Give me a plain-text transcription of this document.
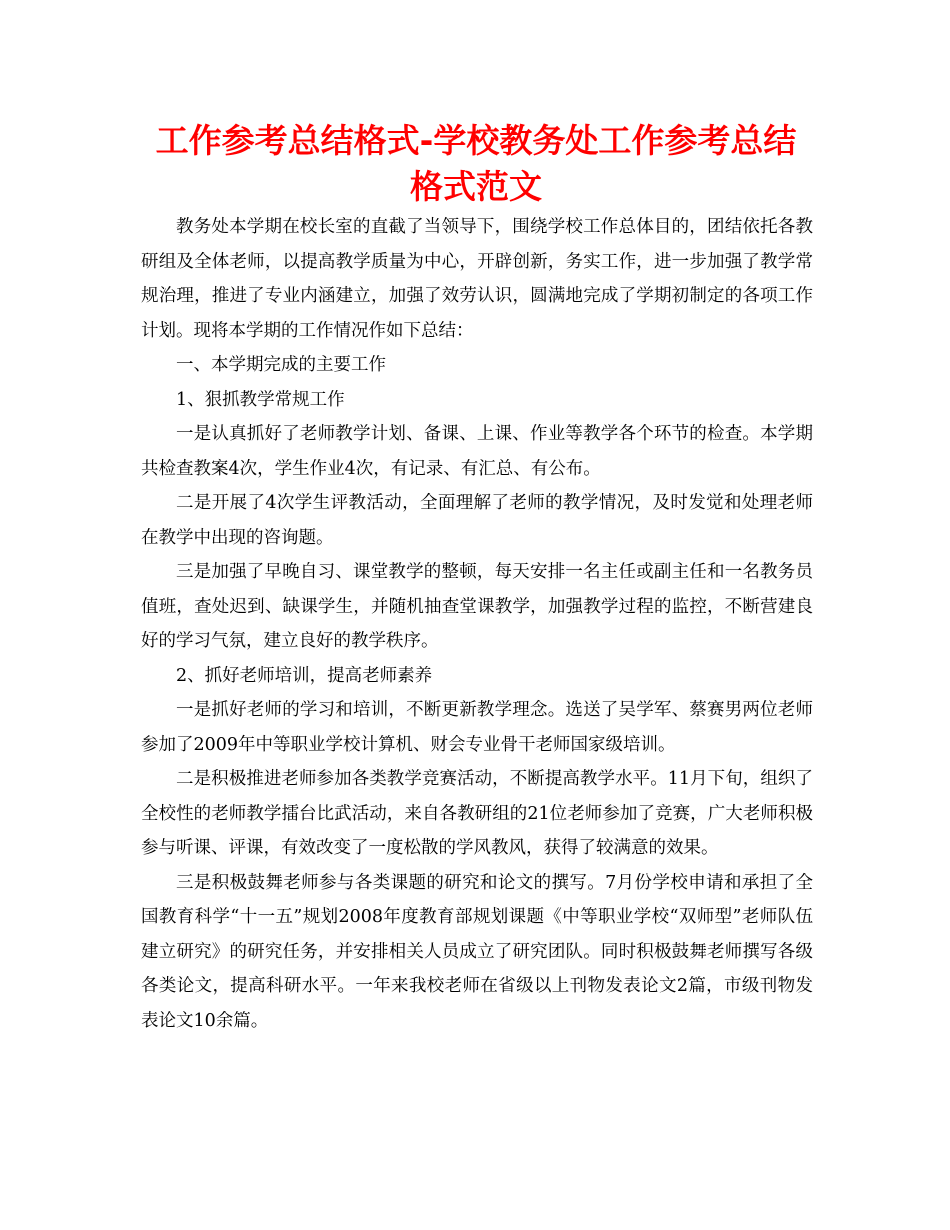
工作参考总结格式-学校教务处工作参考总结格式范文

教务处本学期在校长室的直截了当领导下，围绕学校工作总体目的，团结依托各教研组及全体老师，以提高教学质量为中心，开辟创新，务实工作，进一步加强了教学常规治理，推进了专业内涵建立，加强了效劳认识，圆满地完成了学期初制定的各项工作计划。现将本学期的工作情况作如下总结：

一、本学期完成的主要工作

1、狠抓教学常规工作

一是认真抓好了老师教学计划、备课、上课、作业等教学各个环节的检查。本学期共检查教案4次，学生作业4次，有记录、有汇总、有公布。

二是开展了4次学生评教活动，全面理解了老师的教学情况，及时发觉和处理老师在教学中出现的咨询题。

三是加强了早晚自习、课堂教学的整顿，每天安排一名主任或副主任和一名教务员值班，查处迟到、缺课学生，并随机抽查堂课教学，加强教学过程的监控，不断营建良好的学习气氛，建立良好的教学秩序。

2、抓好老师培训，提高老师素养

一是抓好老师的学习和培训，不断更新教学理念。选送了吴学军、蔡赛男两位老师参加了2009年中等职业学校计算机、财会专业骨干老师国家级培训。

二是积极推进老师参加各类教学竞赛活动，不断提高教学水平。11月下旬，组织了全校性的老师教学擂台比武活动，来自各教研组的21位老师参加了竞赛，广大老师积极参与听课、评课，有效改变了一度松散的学风教风，获得了较满意的效果。

三是积极鼓舞老师参与各类课题的研究和论文的撰写。7月份学校申请和承担了全国教育科学“十一五”规划2008年度教育部规划课题《中等职业学校“双师型”老师队伍建立研究》的研究任务，并安排相关人员成立了研究团队。同时积极鼓舞老师撰写各级各类论文，提高科研水平。一年来我校老师在省级以上刊物发表论文2篇，市级刊物发表论文10余篇。
